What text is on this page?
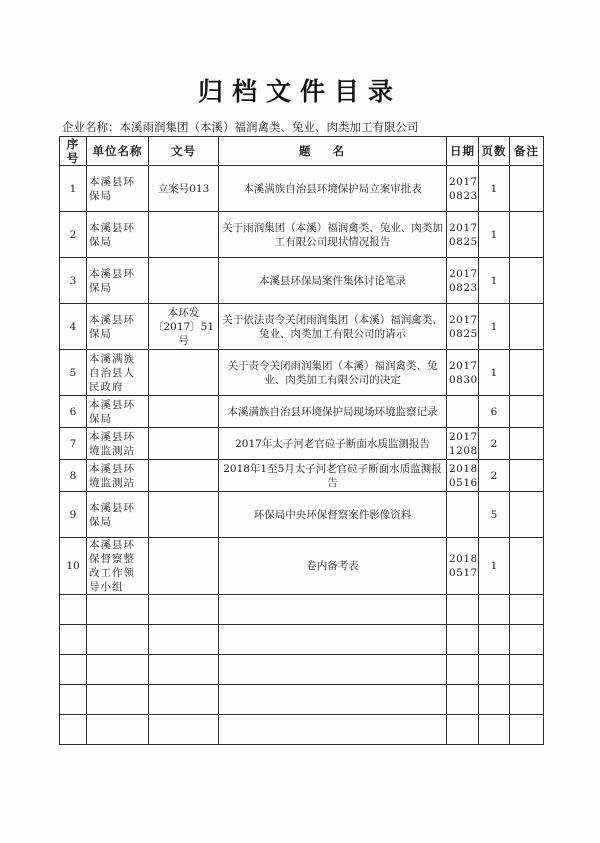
归档文件目录
企业名称：本溪雨润集团（本溪）福润禽类、兔业、肉类加工有限公司
序号	单位名称	文号	题名	日期	页数	备注
1	本溪县环保局	立案号013	本溪满族自治县环境保护局立案审批表	2017 0823	1	
2	本溪县环保局		关于雨润集团（本溪）福润禽类、兔业、肉类加工有限公司现状情况报告	2017 0825	1	
3	本溪县环保局		本溪县环保局案件集体讨论笔录	2017 0823	1	
4	本溪县环保局	本环发〔2017〕51号	关于依法责令关闭雨润集团（本溪）福润禽类、兔业、肉类加工有限公司的请示	2017 0825	1	
5	本溪满族自治县人民政府		关于责令关闭雨润集团（本溪）福润禽类、兔业、肉类加工有限公司的决定	2017 0830	1	
6	本溪县环保局		本溪满族自治县环境保护局现场环境监察记录		6	
7	本溪县环境监测站		2017年太子河老官砬子断面水质监测报告	2017 1208	2	
8	本溪县环境监测站		2018年1至5月太子河老官砬子断面水质监测报告	2018 0516	2	
9	本溪县环保局		环保局中央环保督察案件影像资料		5	
10	本溪县环保督察整改工作领导小组		卷内备考表	2018 0517	1	
